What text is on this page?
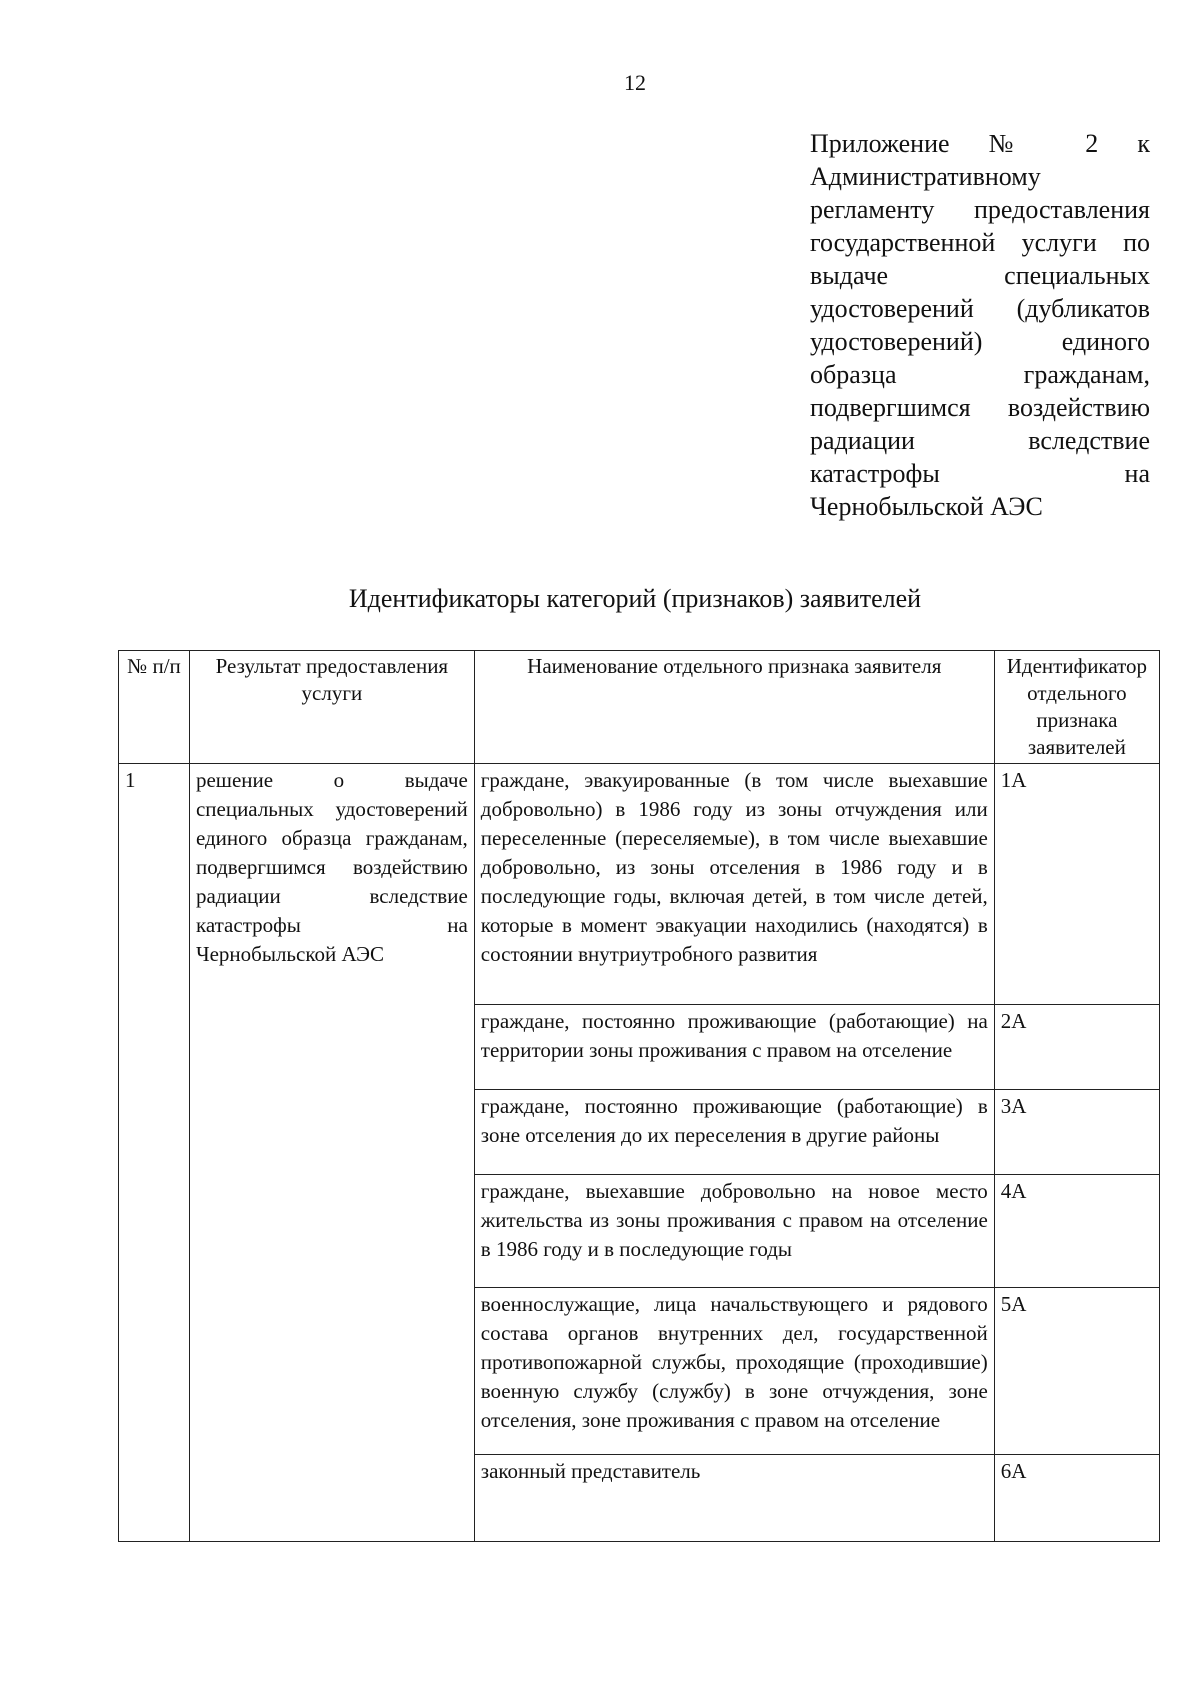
12
Приложение № 2 к
Административному
регламенту предоставления
государственной услуги по
выдаче специальных
удостоверений (дубликатов
удостоверений) единого
образца гражданам,
подвергшимся воздействию
радиации вследствие
катастрофы на
Чернобыльской АЭС
Идентификаторы категорий (признаков) заявителей
№ п/п	Результат предоставления услуги	Наименование отдельного признака заявителя	Идентификатор отдельного признака заявителей
1	решение о выдаче специальных удостоверений единого образца гражданам, подвергшимся воздействию радиации вследствие катастрофы на Чернобыльской АЭС	граждане, эвакуированные (в том числе выехавшие добровольно) в 1986 году из зоны отчуждения или переселенные (переселяемые), в том числе выехавшие добровольно, из зоны отселения в 1986 году и в последующие годы, включая детей, в том числе детей, которые в момент эвакуации находились (находятся) в состоянии внутриутробного развития	1А
		граждане, постоянно проживающие (работающие) на территории зоны проживания с правом на отселение	2А
		граждане, постоянно проживающие (работающие) в зоне отселения до их переселения в другие районы	3А
		граждане, выехавшие добровольно на новое место жительства из зоны проживания с правом на отселение в 1986 году и в последующие годы	4А
		военнослужащие, лица начальствующего и рядового состава органов внутренних дел, государственной противопожарной службы, проходящие (проходившие) военную службу (службу) в зоне отчуждения, зоне отселения, зоне проживания с правом на отселение	5А
		законный представитель	6А
